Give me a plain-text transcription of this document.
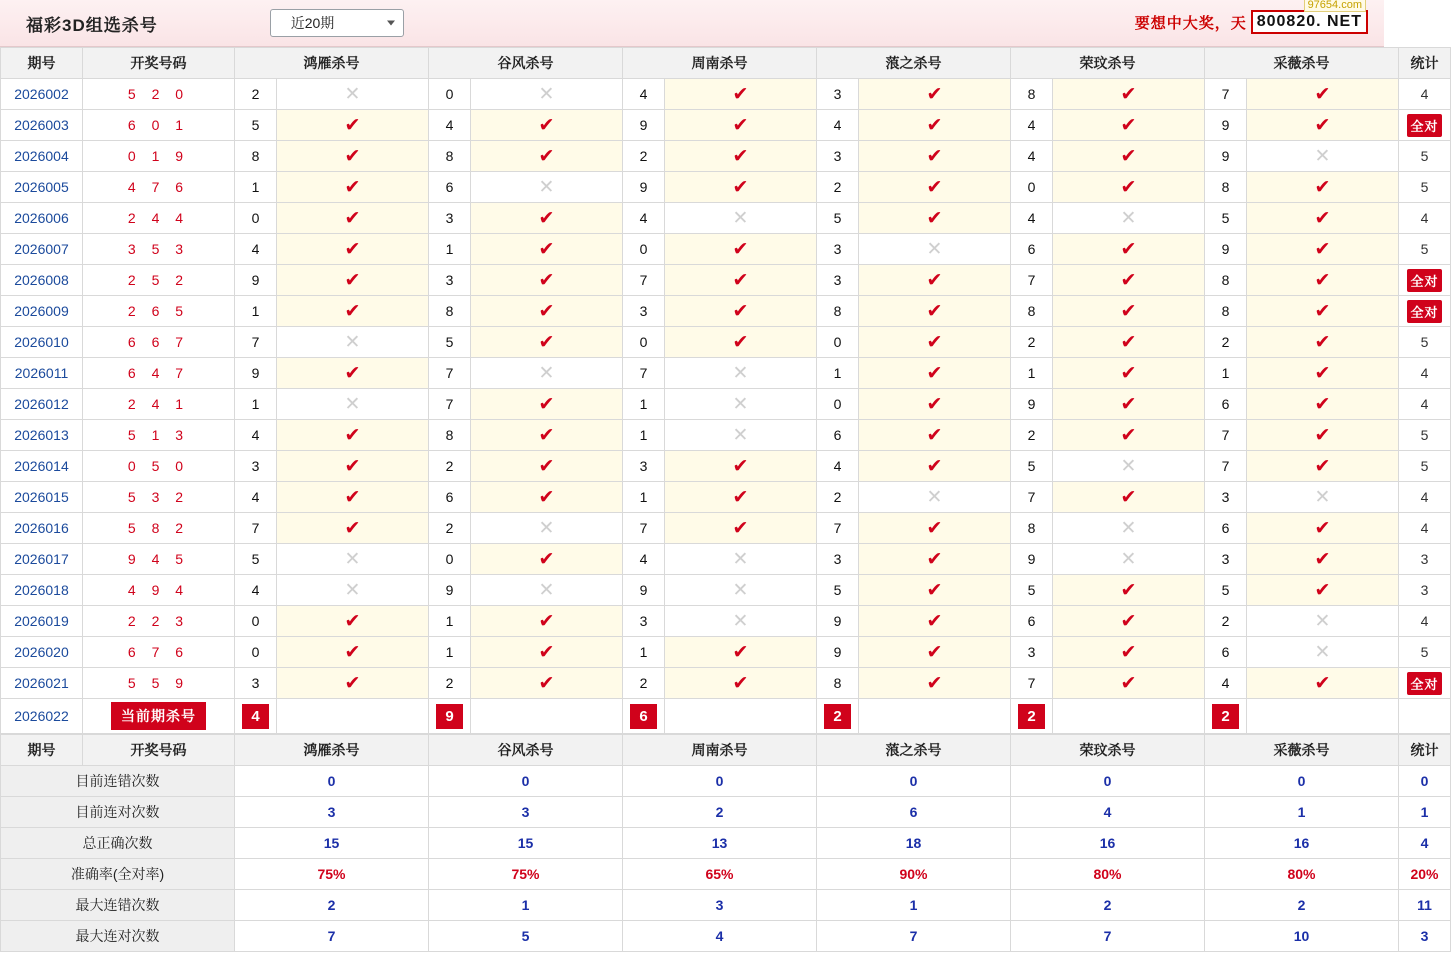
福彩3D组选杀号	近20期	要想中大奖，天 800820. NET
97654.com
期号	开奖号码	鸿雁杀号		谷风杀号		周南杀号		蒗之杀号		荣玟杀号		采薇杀号		统计
2026002	5 2 0	2	✕	0	✕	4	✔	3	✔	8	✔	7	✔	4
2026003	6 0 1	5	✔	4	✔	9	✔	4	✔	4	✔	9	✔	全对
2026004	0 1 9	8	✔	8	✔	2	✔	3	✔	4	✔	9	✕	5
2026005	4 7 6	1	✔	6	✕	9	✔	2	✔	0	✔	8	✔	5
2026006	2 4 4	0	✔	3	✔	4	✕	5	✔	4	✕	5	✔	4
2026007	3 5 3	4	✔	1	✔	0	✔	3	✕	6	✔	9	✔	5
2026008	2 5 2	9	✔	3	✔	7	✔	3	✔	7	✔	8	✔	全对
2026009	2 6 5	1	✔	8	✔	3	✔	8	✔	8	✔	8	✔	全对
2026010	6 6 7	7	✕	5	✔	0	✔	0	✔	2	✔	2	✔	5
2026011	6 4 7	9	✔	7	✕	7	✕	1	✔	1	✔	1	✔	4
2026012	2 4 1	1	✕	7	✔	1	✕	0	✔	9	✔	6	✔	4
2026013	5 1 3	4	✔	8	✔	1	✕	6	✔	2	✔	7	✔	5
2026014	0 5 0	3	✔	2	✔	3	✔	4	✔	5	✕	7	✔	5
2026015	5 3 2	4	✔	6	✔	1	✔	2	✕	7	✔	3	✕	4
2026016	5 8 2	7	✔	2	✕	7	✔	7	✔	8	✕	6	✔	4
2026017	9 4 5	5	✕	0	✔	4	✕	3	✔	9	✕	3	✔	3
2026018	4 9 4	4	✕	9	✕	9	✕	5	✔	5	✔	5	✔	3
2026019	2 2 3	0	✔	1	✔	3	✕	9	✔	6	✔	2	✕	4
2026020	6 7 6	0	✔	1	✔	1	✔	9	✔	3	✔	6	✕	5
2026021	5 5 9	3	✔	2	✔	2	✔	8	✔	7	✔	4	✔	全对
2026022	当前期杀号	4		9		6		2		2		2		
期号	开奖号码	鸿雁杀号	谷风杀号	周南杀号	蒗之杀号	荣玟杀号	采薇杀号	统计
目前连错次数		0	0	0	0	0	0	0
目前连对次数		3	3	2	6	4	1	1
总正确次数		15	15	13	18	16	16	4
准确率(全对率)		75%	75%	65%	90%	80%	80%	20%
最大连错次数		2	1	3	1	2	2	11
最大连对次数		7	5	4	7	7	10	3
